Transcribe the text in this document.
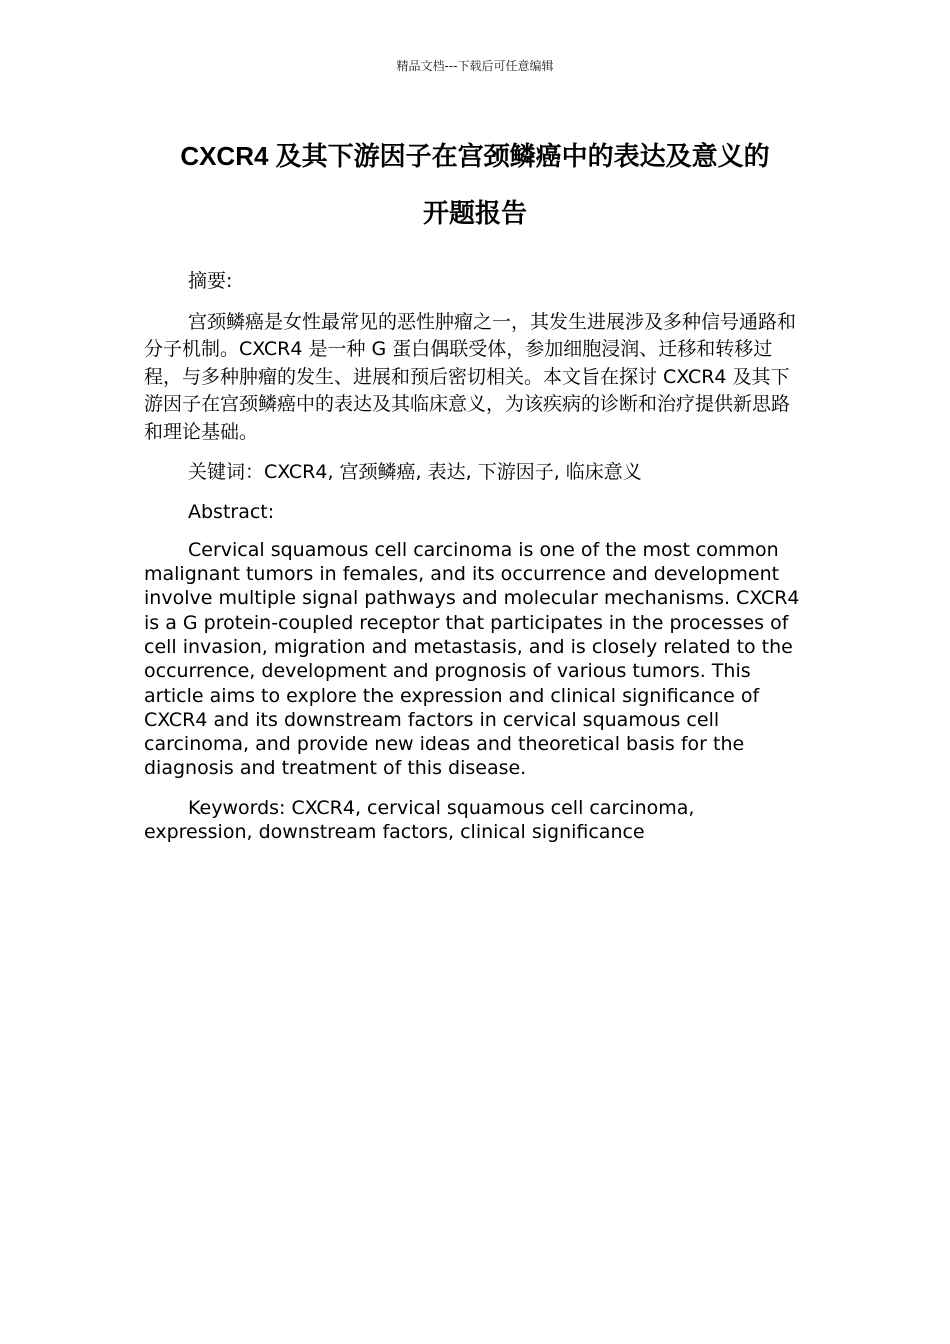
精品文档---下载后可任意编辑
CXCR4 及其下游因子在宫颈鳞癌中的表达及意义的
开题报告

摘要:

宫颈鳞癌是女性最常见的恶性肿瘤之一，其发生进展涉及多种信号通路和分子机制。CXCR4 是一种 G 蛋白偶联受体，参加细胞浸润、迁移和转移过程，与多种肿瘤的发生、进展和预后密切相关。本文旨在探讨 CXCR4 及其下游因子在宫颈鳞癌中的表达及其临床意义，为该疾病的诊断和治疗提供新思路和理论基础。

关键词：CXCR4, 宫颈鳞癌, 表达, 下游因子, 临床意义

Abstract:

Cervical squamous cell carcinoma is one of the most common malignant tumors in females, and its occurrence and development involve multiple signal pathways and molecular mechanisms. CXCR4 is a G protein-coupled receptor that participates in the processes of cell invasion, migration and metastasis, and is closely related to the occurrence, development and prognosis of various tumors. This article aims to explore the expression and clinical significance of CXCR4 and its downstream factors in cervical squamous cell carcinoma, and provide new ideas and theoretical basis for the diagnosis and treatment of this disease.

Keywords: CXCR4, cervical squamous cell carcinoma, expression, downstream factors, clinical significance
